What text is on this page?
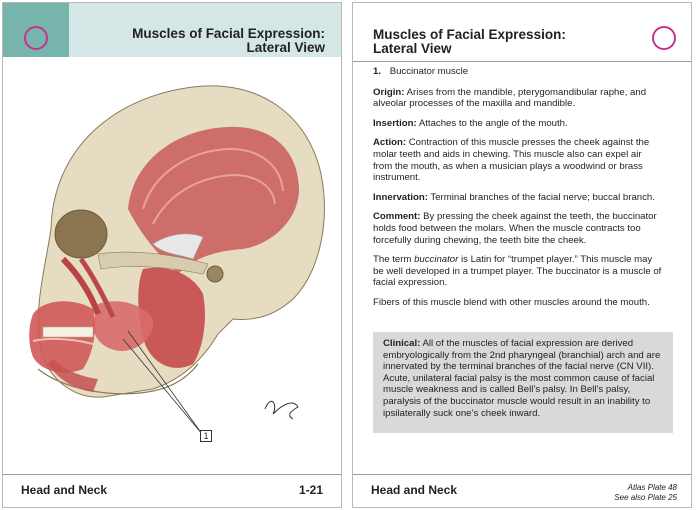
Muscles of Facial Expression:
Lateral View
1
Head and Neck	1-21
Muscles of Facial Expression:
Lateral View

1. Buccinator muscle

Origin: Arises from the mandible, pterygomandibular raphe, and alveolar processes of the maxilla and mandible.

Insertion: Attaches to the angle of the mouth.

Action: Contraction of this muscle presses the cheek against the molar teeth and aids in chewing. This muscle also can expel air from the mouth, as when a musician plays a woodwind or brass instrument.

Innervation: Terminal branches of the facial nerve; buccal branch.

Comment: By pressing the cheek against the teeth, the buccinator holds food between the molars. When the muscle contracts too forcefully during chewing, the teeth bite the cheek.

The term buccinator is Latin for “trumpet player.” This muscle may be well developed in a trumpet player. The buccinator is a muscle of facial expression.

Fibers of this muscle blend with other muscles around the mouth.

Clinical: All of the muscles of facial expression are derived embryologically from the 2nd pharyngeal (branchial) arch and are innervated by the terminal branches of the facial nerve (CN VII). Acute, unilateral facial palsy is the most common cause of facial muscle weakness and is called Bell’s palsy. In Bell’s palsy, paralysis of the buccinator muscle would result in an inability to ipsilaterally suck one’s cheek inward.
Head and Neck	Atlas Plate 48
See also Plate 25
